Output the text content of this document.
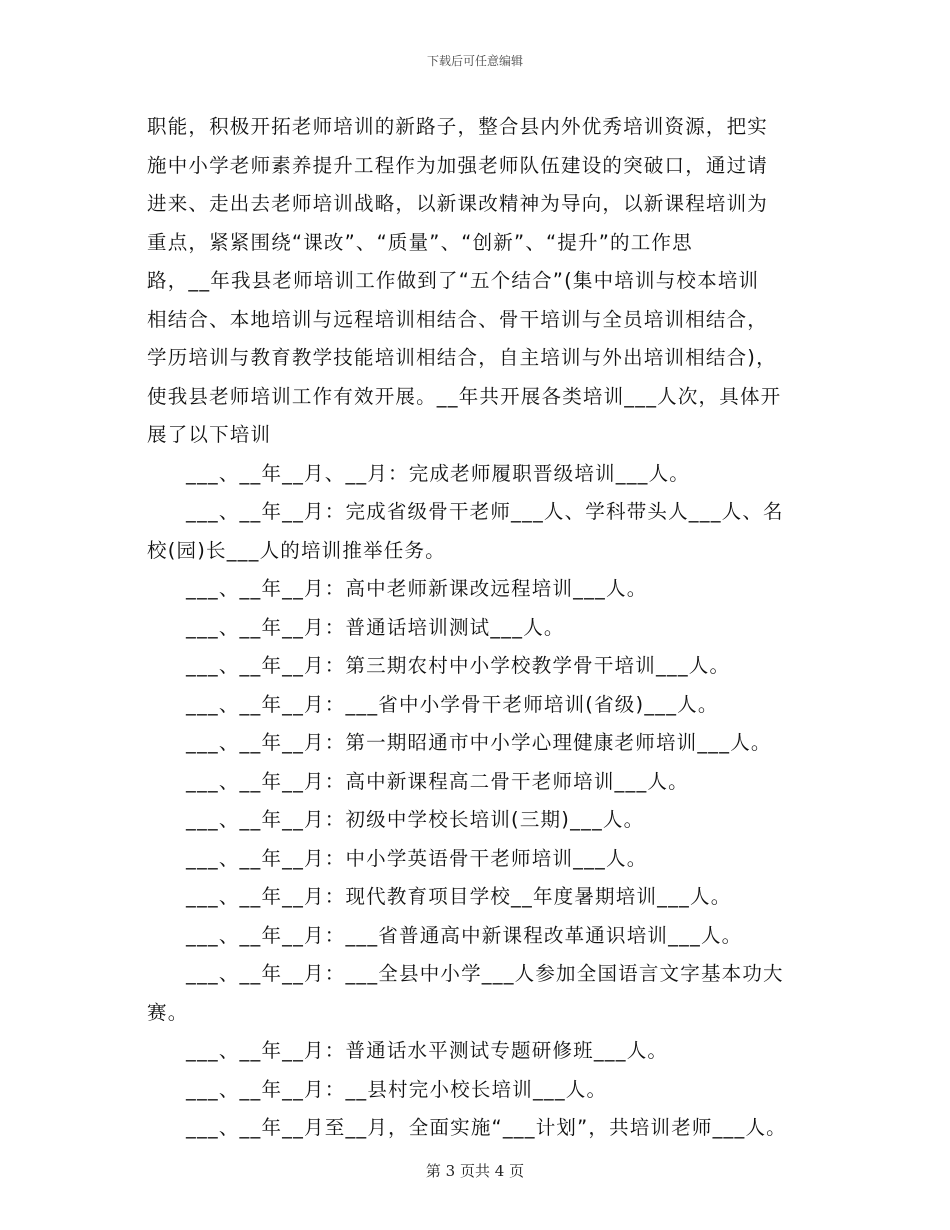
下载后可任意编辑

职能，积极开拓老师培训的新路子，整合县内外优秀培训资源，把实

施中小学老师素养提升工程作为加强老师队伍建设的突破口，通过请

进来、走出去老师培训战略，以新课改精神为导向，以新课程培训为

重点，紧紧围绕“课改”、“质量”、“创新”、“提升”的工作思

路，__年我县老师培训工作做到了“五个结合”(集中培训与校本培训

相结合、本地培训与远程培训相结合、骨干培训与全员培训相结合，

学历培训与教育教学技能培训相结合，自主培训与外出培训相结合)，

使我县老师培训工作有效开展。__年共开展各类培训___人次，具体开

展了以下培训

___、__年__月、__月：完成老师履职晋级培训___人。

___、__年__月：完成省级骨干老师___人、学科带头人___人、名

校(园)长___人的培训推举任务。

___、__年__月：高中老师新课改远程培训___人。

___、__年__月：普通话培训测试___人。

___、__年__月：第三期农村中小学校教学骨干培训___人。

___、__年__月：___省中小学骨干老师培训(省级)___人。

___、__年__月：第一期昭通市中小学心理健康老师培训___人。

___、__年__月：高中新课程高二骨干老师培训___人。

___、__年__月：初级中学校长培训(三期)___人。

___、__年__月：中小学英语骨干老师培训___人。

___、__年__月：现代教育项目学校__年度暑期培训___人。

___、__年__月：___省普通高中新课程改革通识培训___人。

___、__年__月：___全县中小学___人参加全国语言文字基本功大

赛。

___、__年__月：普通话水平测试专题研修班___人。

___、__年__月：__县村完小校长培训___人。

___、__年__月至__月，全面实施“___计划”，共培训老师___人。

第 3 页共 4 页
